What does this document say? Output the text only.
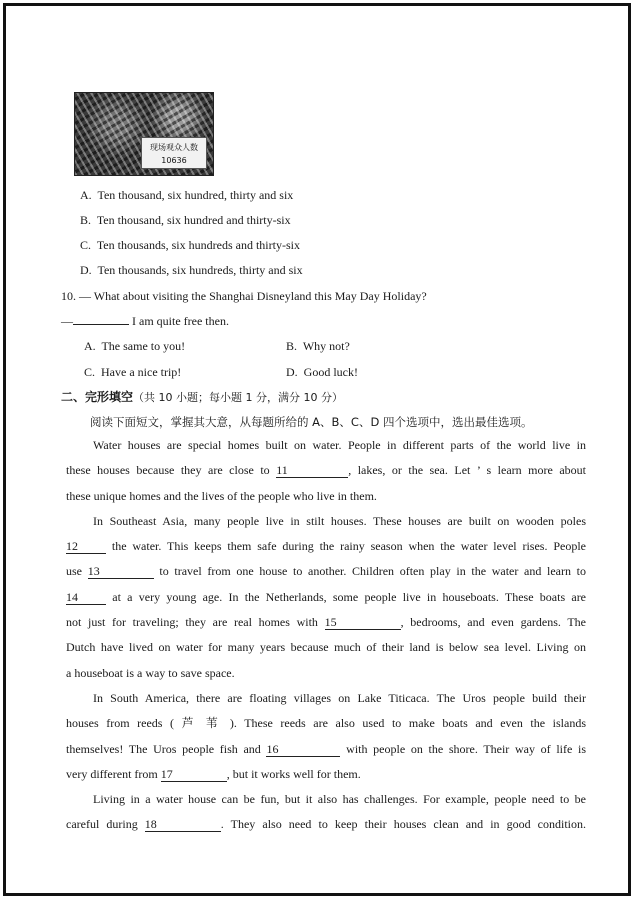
现场观众人数
10636
A. Ten thousand, six hundred, thirty and six
B. Ten thousand, six hundred and thirty-six
C. Ten thousands, six hundreds and thirty-six
D. Ten thousands, six hundreds, thirty and six
10. — What about visiting the Shanghai Disneyland this May Day Holiday?
—	I am quite free then.
A. The same to you!	B. Why not?
C. Have a nice trip!	D. Good luck!
二、完形填空（共 10 小题；每小题 1 分，满分 10 分）
阅读下面短文，掌握其大意，从每题所给的 A、B、C、D 四个选项中，选出最佳选项。
Water houses are special homes built on water. People in different parts of the world live in
these houses because they are close to 11	, lakes, or the sea. Let ’ s learn more about
these unique homes and the lives of the people who live in them.
In Southeast Asia, many people live in stilt houses. These houses are built on wooden poles
12	the water. This keeps them safe during the rainy season when the water level rises. People
use 13	to travel from one house to another. Children often play in the water and learn to
14	at a very young age. In the Netherlands, some people live in houseboats. These boats are
not just for traveling; they are real homes with 15	, bedrooms, and even gardens. The
Dutch have lived on water for many years because much of their land is below sea level. Living on
a houseboat is a way to save space.
In South America, there are floating villages on Lake Titicaca. The Uros people build their
houses from reeds ( 芦 苇 ). These reeds are also used to make boats and even the islands
themselves! The Uros people fish and 16	with people on the shore. Their way of life is
very different from 17	, but it works well for them.
Living in a water house can be fun, but it also has challenges. For example, people need to be
careful during 18	. They also need to keep their houses clean and in good condition.
